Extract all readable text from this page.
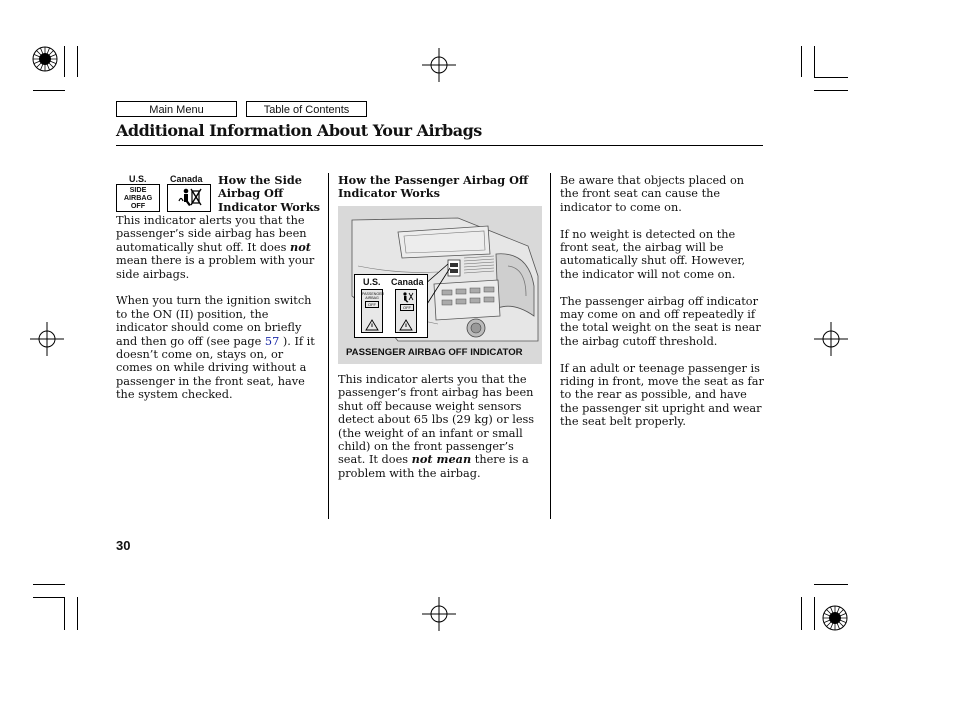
Main Menu	Table of Contents
Additional Information About Your Airbags
U.S.	Canada
SIDE AIRBAG OFF
How the Side Airbag Off Indicator Works

This indicator alerts you that the passenger’s side airbag has been automatically shut off. It does not mean there is a problem with your side airbags.

When you turn the ignition switch to the ON (II) position, the indicator should come on briefly and then go off (see page 57 ). If it doesn’t come on, stays on, or comes on while driving without a passenger in the front seat, have the system checked.

How the Passenger Airbag Off Indicator Works
U.S. Canada
PASSENGER AIRBAG
OFF
OFF
PASSENGER AIRBAG OFF INDICATOR

This indicator alerts you that the passenger’s front airbag has been shut off because weight sensors detect about 65 lbs (29 kg) or less (the weight of an infant or small child) on the front passenger’s seat. It does not mean there is a problem with the airbag.

Be aware that objects placed on the front seat can cause the indicator to come on.

If no weight is detected on the front seat, the airbag will be automatically shut off. However, the indicator will not come on.

The passenger airbag off indicator may come on and off repeatedly if the total weight on the seat is near the airbag cutoff threshold.

If an adult or teenage passenger is riding in front, move the seat as far to the rear as possible, and have the passenger sit upright and wear the seat belt properly.

30
